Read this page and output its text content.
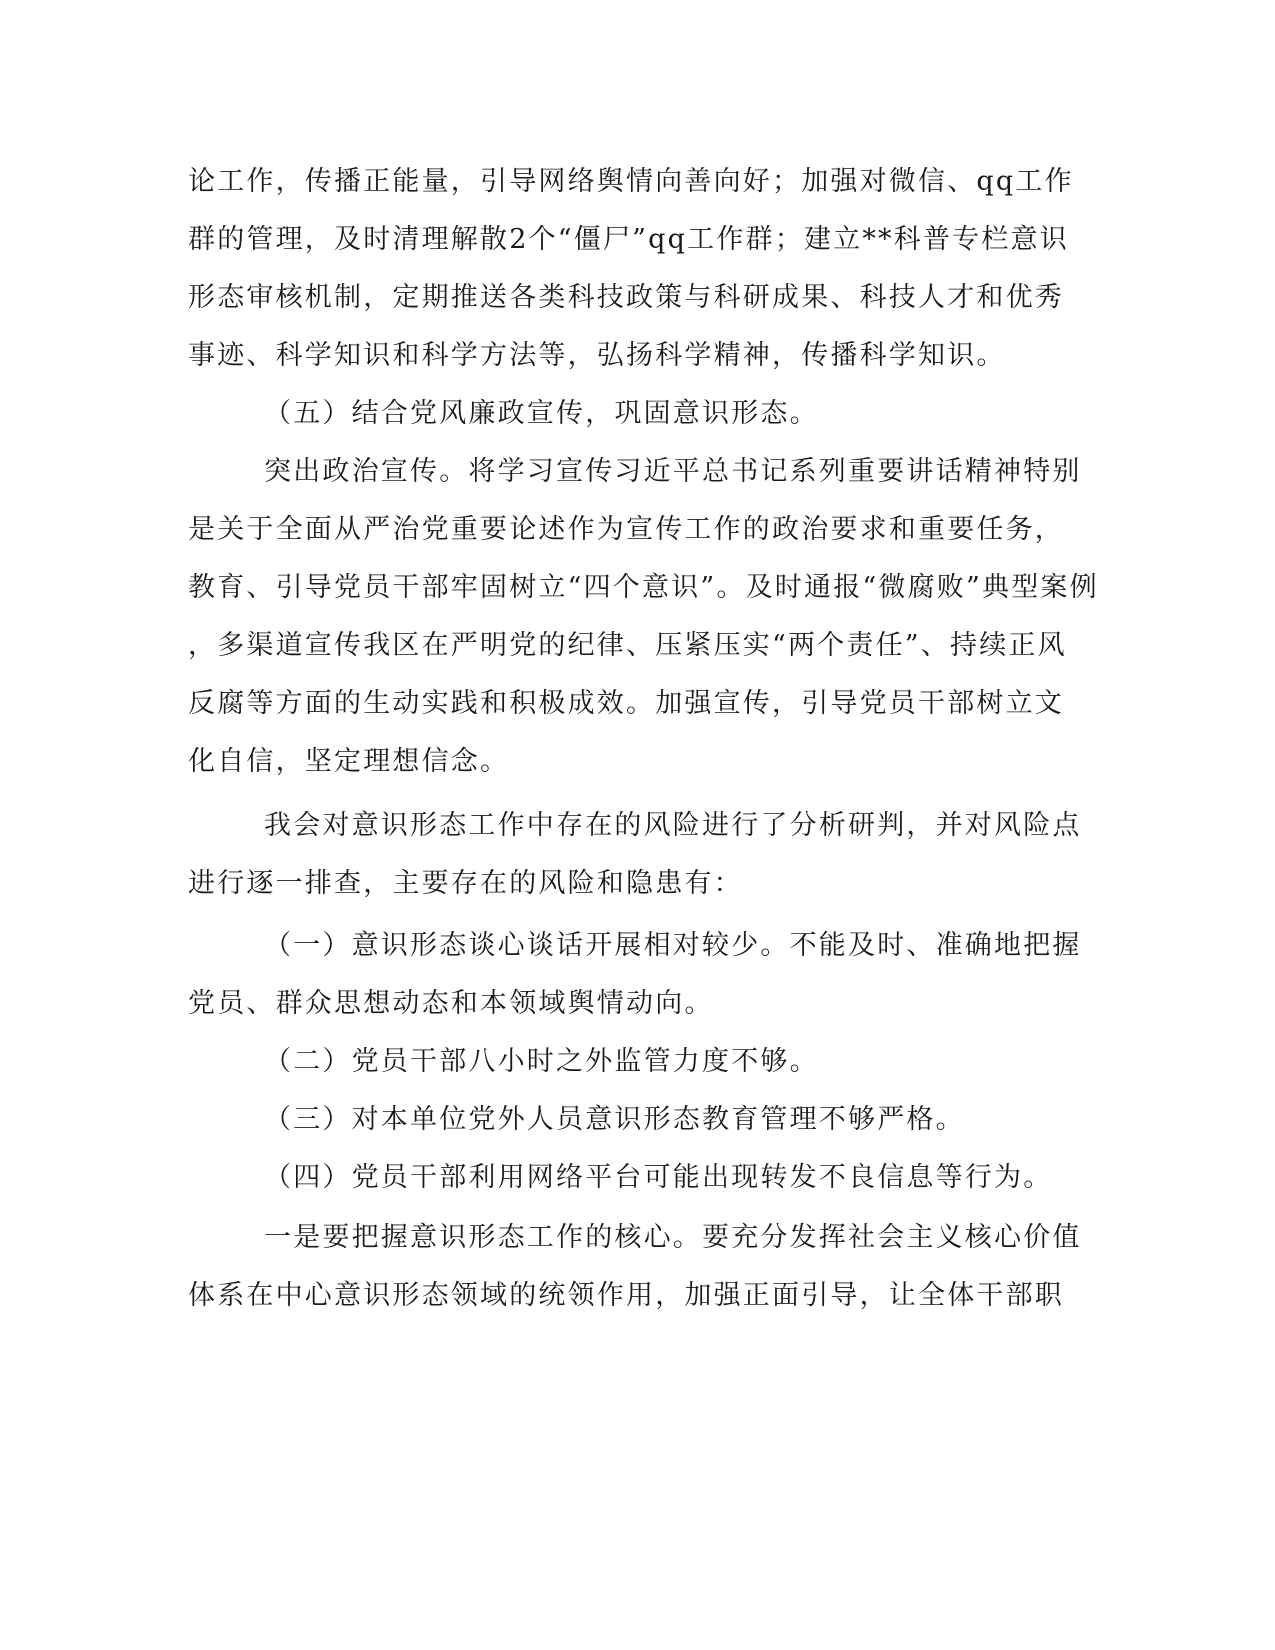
论工作，传播正能量，引导网络舆情向善向好；加强对微信、qq工作
群的管理，及时清理解散2个“僵尸”qq工作群；建立**科普专栏意识
形态审核机制，定期推送各类科技政策与科研成果、科技人才和优秀
事迹、科学知识和科学方法等，弘扬科学精神，传播科学知识。
（五）结合党风廉政宣传，巩固意识形态。
突出政治宣传。将学习宣传习近平总书记系列重要讲话精神特别
是关于全面从严治党重要论述作为宣传工作的政治要求和重要任务，
教育、引导党员干部牢固树立“四个意识”。及时通报“微腐败”典型案例
，多渠道宣传我区在严明党的纪律、压紧压实“两个责任”、持续正风
反腐等方面的生动实践和积极成效。加强宣传，引导党员干部树立文
化自信，坚定理想信念。
我会对意识形态工作中存在的风险进行了分析研判，并对风险点
进行逐一排查，主要存在的风险和隐患有：
（一）意识形态谈心谈话开展相对较少。不能及时、准确地把握
党员、群众思想动态和本领域舆情动向。
（二）党员干部八小时之外监管力度不够。
（三）对本单位党外人员意识形态教育管理不够严格。
（四）党员干部利用网络平台可能出现转发不良信息等行为。
一是要把握意识形态工作的核心。要充分发挥社会主义核心价值
体系在中心意识形态领域的统领作用，加强正面引导，让全体干部职
